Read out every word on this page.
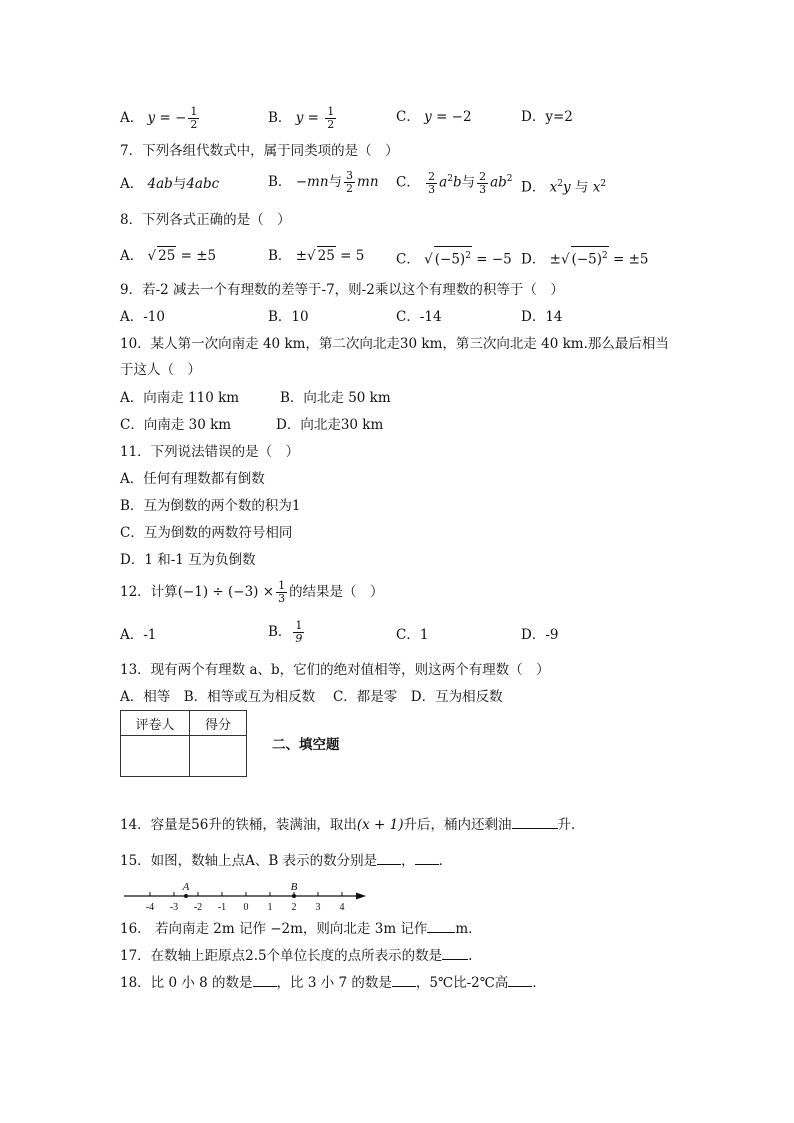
A． y = − $\frac{1}{2}$	B． $y = \frac{1}{2}$	C． y = −2	D．y=2
7．下列各组代数式中，属于同类项的是（　）
A． 4ab与4abc	B． −mn与 $\frac{3}{2}$ mn C． $\frac{2}{3} a^2b$与 $\frac{2}{3} ab^2$
D． $x^2y$ 与 $x^2$
8．下列各式正确的是（　）
A． √ 25 = ±5	B． ±√ 25 = 5 C． √ $(-5)^2 = -5$ D． ±√ $(-5)^2 = \pm 5$
9．若-2 减去一个有理数的差等于-7，则-2乘以这个有理数的积等于（　）
A．-10	B．10	C．-14	D．14
10．某人第一次向南走 40 km，第二次向北走30 km，第三次向北走 40 km.那么最后相当
于这人（　）
A．向南走 110 km	B．向北走 50 km
C．向南走 30 km	D．向北走30 km
11．下列说法错误的是（　）
A．任何有理数都有倒数
B．互为倒数的两个数的积为1
C．互为倒数的两数符号相同
D．1 和-1 互为负倒数
12．计算$(-1) \div (-3) \times \frac{1}{3}$ 的结果是（　）
A．-1	B． $\frac{1}{9}$	C．1	D．-9
13．现有两个有理数 a、b，它们的绝对值相等，则这两个有理数（　）
A．相等　B．相等或互为相反数　 C．都是零　D．互为相反数
评卷人	得分

二、填空题
14．容量是56升的铁桶，装满油，取出(x + 1)升后，桶内还剩油	升．
15．如图，数轴上点A、B 表示的数分别是 ， ．
-4 -3 -2 -1 0 1 2 3 4
A	B
16． 若向南走 2m 记作 −2m，则向北走 3m 记作 m．
17．在数轴上距原点2.5个单位长度的点所表示的数是 .
18．比 0 小 8 的数是 ，比 3 小 7 的数是 ，5℃比-2℃高 ．
